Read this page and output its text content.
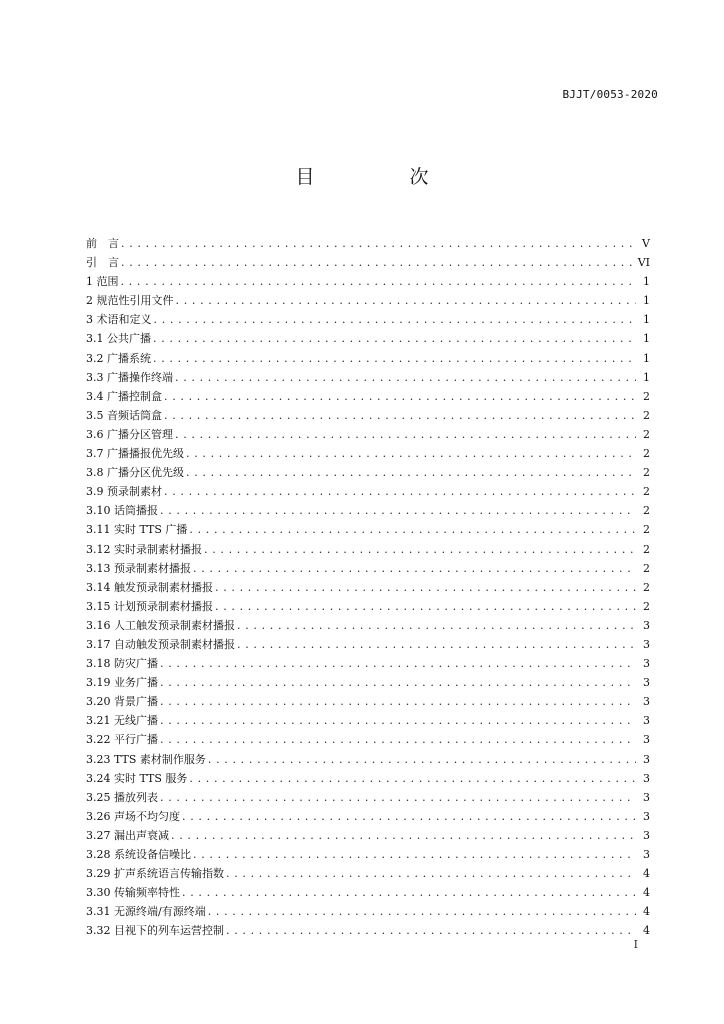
BJJT/0053-2020
目　次
前　言 . . .	V
引　言 . . .	VI
1 范围 . . .	1
2 规范性引用文件 . . .	1
3 术语和定义 . . .	1
3.1 公共广播 . . .	1
3.2 广播系统 . . .	1
3.3 广播操作终端 . . .	1
3.4 广播控制盒 . . .	2
3.5 音频话筒盒 . . .	2
3.6 广播分区管理 . . .	2
3.7 广播播报优先级 . . .	2
3.8 广播分区优先级 . . .	2
3.9 预录制素材 . . .	2
3.10 话筒播报 . . .	2
3.11 实时 TTS 广播 . . .	2
3.12 实时录制素材播报 . . .	2
3.13 预录制素材播报 . . .	2
3.14 触发预录制素材播报 . . .	2
3.15 计划预录制素材播报 . . .	2
3.16 人工触发预录制素材播报 . . .	3
3.17 自动触发预录制素材播报 . . .	3
3.18 防灾广播 . . .	3
3.19 业务广播 . . .	3
3.20 背景广播 . . .	3
3.21 无线广播 . . .	3
3.22 平行广播 . . .	3
3.23 TTS 素材制作服务 . . .	3
3.24 实时 TTS 服务 . . .	3
3.25 播放列表 . . .	3
3.26 声场不均匀度 . . .	3
3.27 漏出声衰减 . . .	3
3.28 系统设备信噪比 . . .	3
3.29 扩声系统语言传输指数 . . .	4
3.30 传输频率特性 . . .	4
3.31 无源终端/有源终端 . . .	4
3.32 目视下的列车运营控制 . . .	4
I
